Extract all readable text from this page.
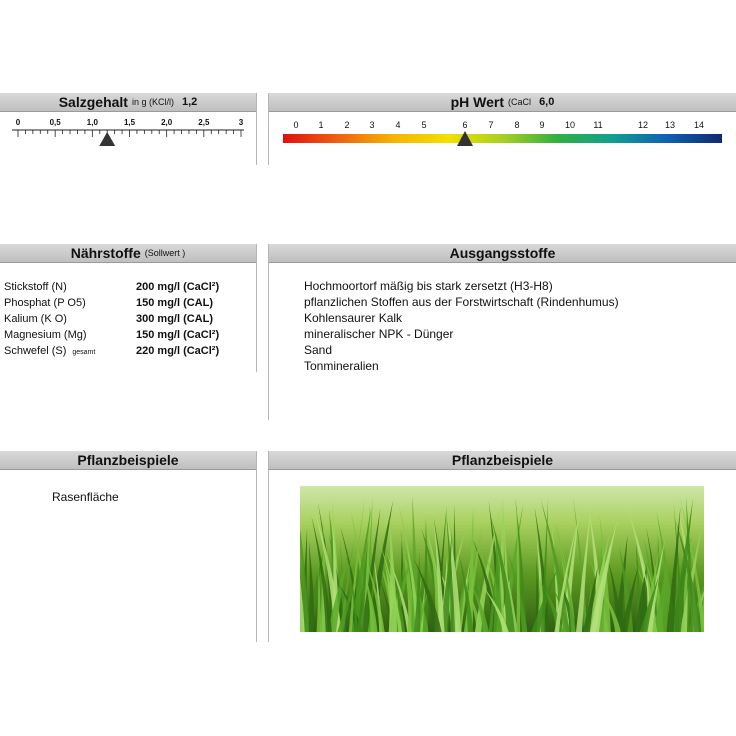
Salzgehalt in g (KCl/l) 1,2
0	0,5	1,0	1,5	2,0	2,5	3
pH Wert (CaCl 6,0
0 1 2 3 4 5	6 7 8 9 10 11	12 13 14
Nährstoffe (Sollwert )
Stickstoff (N)	200 mg/l (CaCl²)
Phosphat (P O5)	150 mg/l (CAL)
Kalium (K O)	300 mg/l (CAL)
Magnesium (Mg)	150 mg/l (CaCl²)
Schwefel (S) gesamt	220 mg/l (CaCl²)
Ausgangsstoffe
Hochmoortorf mäßig bis stark zersetzt (H3-H8)
pflanzlichen Stoffen aus der Forstwirtschaft (Rindenhumus)
Kohlensaurer Kalk
mineralischer NPK - Dünger
Sand
Tonmineralien
Pflanzbeispiele
Rasenfläche
Pflanzbeispiele
